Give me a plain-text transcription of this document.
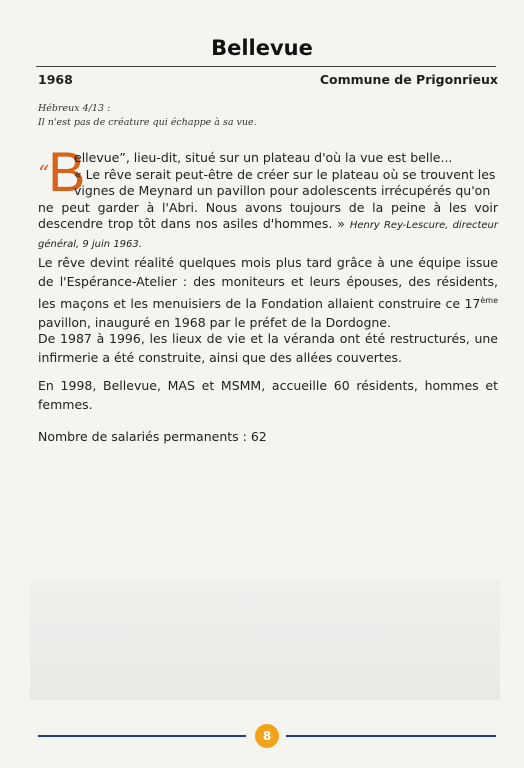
Bellevue
1968	Commune de Prigonrieux
Hébreux 4/13 :
Il n'est pas de créature qui échappe à sa vue.
“
B
ellevue”, lieu-dit, situé sur un plateau d'où la vue est belle...
« Le rêve serait peut-être de créer sur le plateau où se trouvent les
vignes de Meynard un pavillon pour adolescents irrécupérés qu'on
ne peut garder à l'Abri. Nous avons toujours de la peine à les voir descendre trop tôt dans nos asiles d'hommes. » Henry Rey-Lescure, directeur général, 9 juin 1963.
Le rêve devint réalité quelques mois plus tard grâce à une équipe issue de l'Espérance-Atelier : des moniteurs et leurs épouses, des résidents, les maçons et les menuisiers de la Fondation allaient construire ce 17ème pavillon, inauguré en 1968 par le préfet de la Dordogne.
De 1987 à 1996, les lieux de vie et la véranda ont été restructurés, une infirmerie a été construite, ainsi que des allées couvertes.
En 1998, Bellevue, MAS et MSMM, accueille 60 résidents, hommes et femmes.
Nombre de salariés permanents : 62
8
